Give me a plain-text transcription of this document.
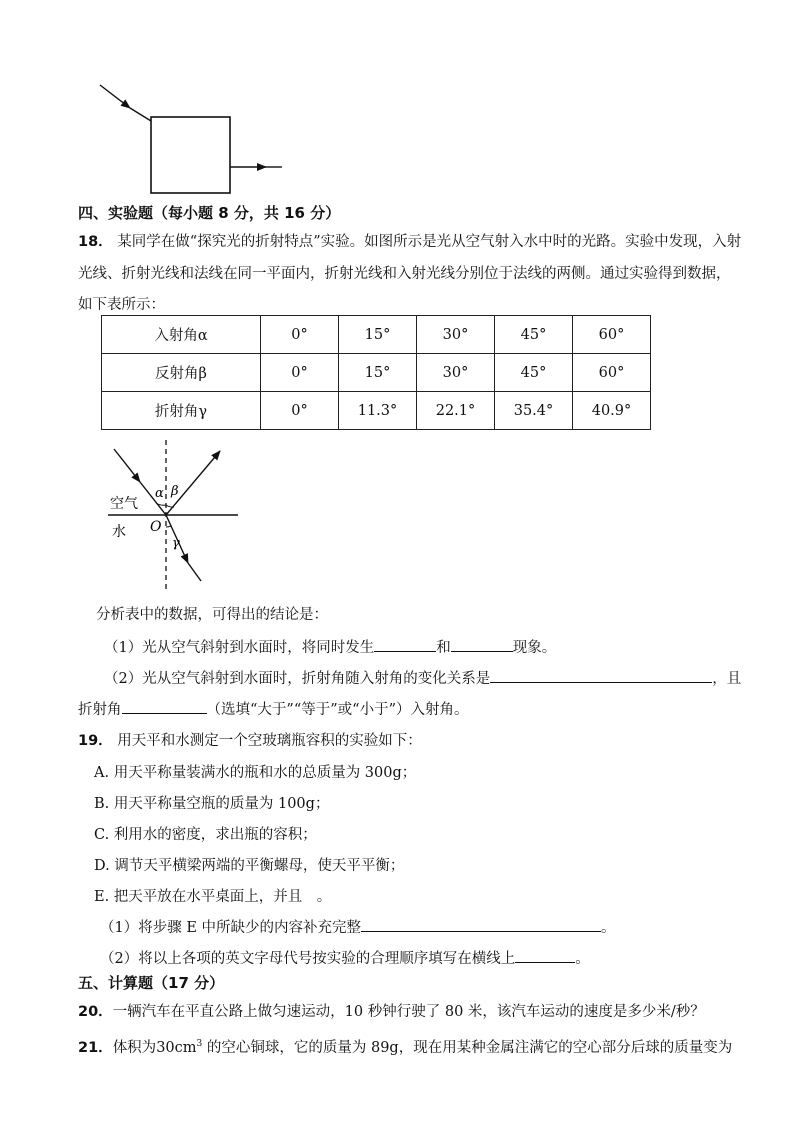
四、实验题（每小题 8 分，共 16 分）
18． 某同学在做“探究光的折射特点”实验。如图所示是光从空气射入水中时的光路。实验中发现，入射
光线、折射光线和法线在同一平面内，折射光线和入射光线分别位于法线的两侧。通过实验得到数据，
如下表所示：
入射角α	0°	15°	30°	45°	60°
反射角β	0°	15°	30°	45°	60°
折射角γ	0°	11.3°	22.1°	35.4°	40.9°
空气
水 O
α β
γ
分析表中的数据，可得出的结论是：
（1）光从空气斜射到水面时，将同时发生	和	现象。
（2）光从空气斜射到水面时，折射角随入射角的变化关系是	，且
折射角	（选填“大于”“等于”或“小于”）入射角。
19． 用天平和水测定一个空玻璃瓶容积的实验如下：
A. 用天平称量装满水的瓶和水的总质量为 300g；
B. 用天平称量空瓶的质量为 100g；
C. 利用水的密度，求出瓶的容积；
D. 调节天平横梁两端的平衡螺母，使天平平衡；
E. 把天平放在水平桌面上，并且　。
（1）将步骤 E 中所缺少的内容补充完整	。
（2）将以上各项的英文字母代号按实验的合理顺序填写在横线上	。
五、计算题（17 分）
20．一辆汽车在平直公路上做匀速运动，10 秒钟行驶了 80 米，该汽车运动的速度是多少米/秒？
21．体积为$30cm^3$ 的空心铜球，它的质量为 89g，现在用某种金属注满它的空心部分后球的质量变为
